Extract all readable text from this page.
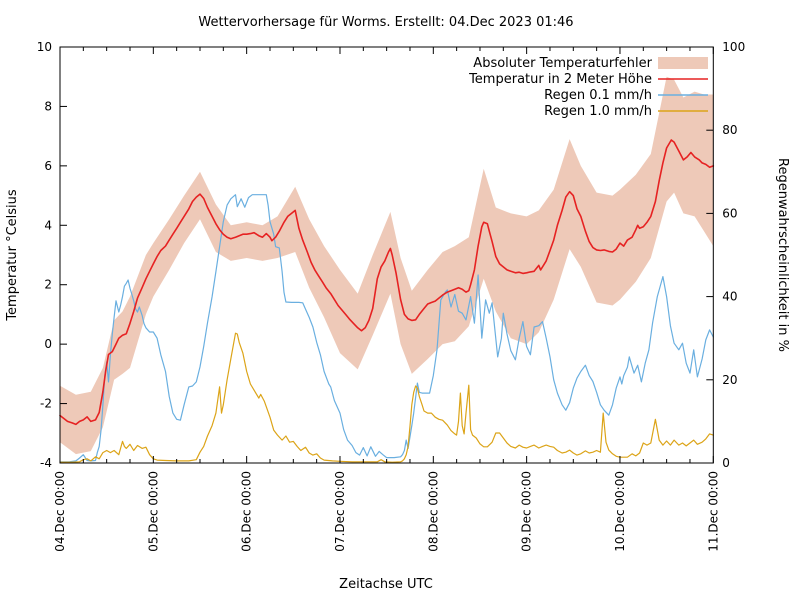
Wettervorhersage für Worms. Erstellt: 04.Dec 2023 01:46
04.Dec 00:00	05.Dec 00:00	06.Dec 00:00	07.Dec 00:00	08.Dec 00:00	09.Dec 00:00	10.Dec 00:00	11.Dec 00:00
-4
-2
0
2
4
6
8
10
0
20
40
60
80
100
Temperatur °Celsius	Regenwahrscheinlichkeit in %
Zeitachse UTC
Absoluter Temperaturfehler
Temperatur in 2 Meter Höhe
Regen 0.1 mm/h
Regen 1.0 mm/h
